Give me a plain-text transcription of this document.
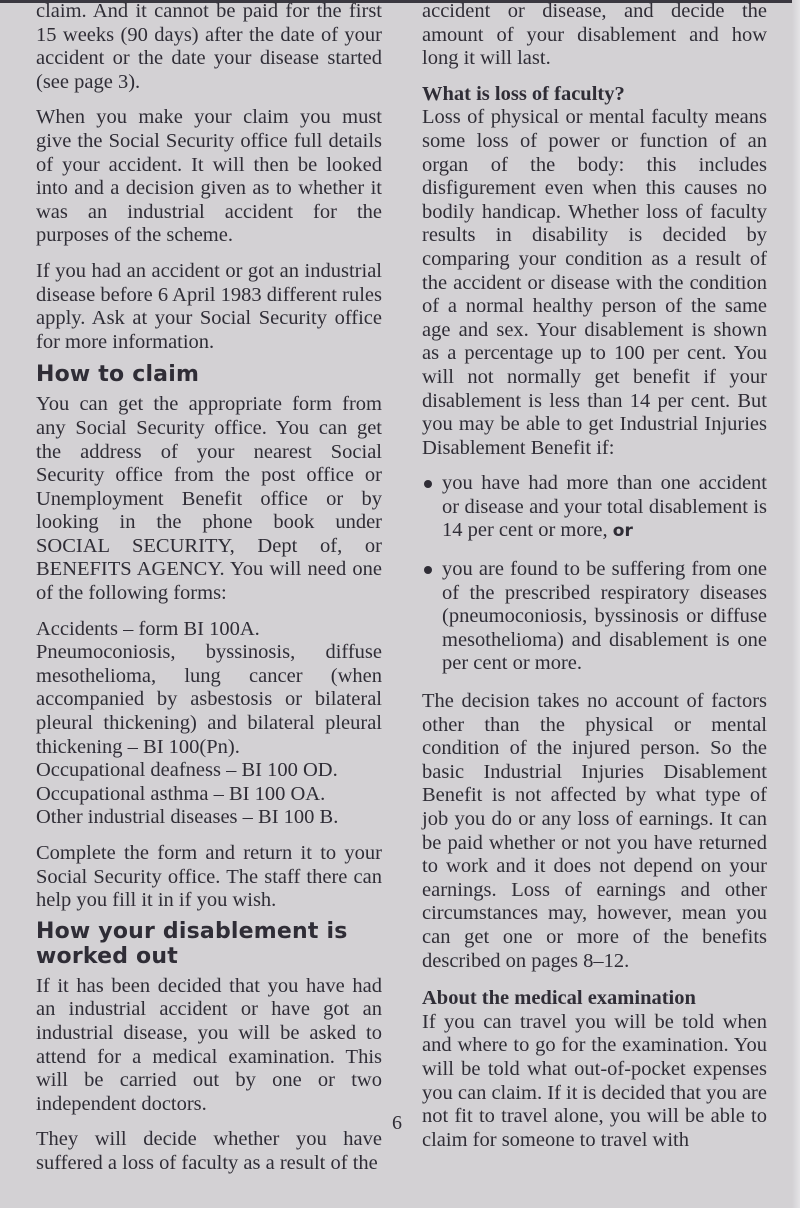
claim. And it cannot be paid for the first 15 weeks (90 days) after the date of your accident or the date your disease started (see page 3).

When you make your claim you must give the Social Security office full details of your accident. It will then be looked into and a decision given as to whether it was an industrial accident for the purposes of the scheme.

If you had an accident or got an industrial disease before 6 April 1983 different rules apply. Ask at your Social Security office for more information.

How to claim

You can get the appropriate form from any Social Security office. You can get the address of your nearest Social Security office from the post office or Unemployment Benefit office or by looking in the phone book under SOCIAL SECURITY, Dept of, or BENEFITS AGENCY. You will need one of the following forms:

Accidents – form BI 100A.

Pneumoconiosis, byssinosis, diffuse mesothelioma, lung cancer (when accompanied by asbestosis or bilateral pleural thickening) and bilateral pleural thickening – BI 100(Pn).

Occupational deafness – BI 100 OD.

Occupational asthma – BI 100 OA.

Other industrial diseases – BI 100 B.

Complete the form and return it to your Social Security office. The staff there can help you fill it in if you wish.

How your disablement is worked out

If it has been decided that you have had an industrial accident or have got an industrial disease, you will be asked to attend for a medical examination. This will be carried out by one or two independent doctors.

They will decide whether you have suffered a loss of faculty as a result of the

accident or disease, and decide the amount of your disablement and how long it will last.

What is loss of faculty?

Loss of physical or mental faculty means some loss of power or function of an organ of the body: this includes disfigurement even when this causes no bodily handicap. Whether loss of faculty results in disability is decided by comparing your condition as a result of the accident or disease with the condition of a normal healthy person of the same age and sex. Your disablement is shown as a percentage up to 100 per cent. You will not normally get benefit if your disablement is less than 14 per cent. But you may be able to get Industrial Injuries Disablement Benefit if:

you have had more than one accident or disease and your total disablement is 14 per cent or more, or
you are found to be suffering from one of the prescribed respiratory diseases (pneumoconiosis, byssinosis or diffuse mesothelioma) and disablement is one per cent or more.

The decision takes no account of factors other than the physical or mental condition of the injured person. So the basic Industrial Injuries Disablement Benefit is not affected by what type of job you do or any loss of earnings. It can be paid whether or not you have returned to work and it does not depend on your earnings. Loss of earnings and other circumstances may, however, mean you can get one or more of the benefits described on pages 8–12.

About the medical examination

If you can travel you will be told when and where to go for the examination. You will be told what out-of-pocket expenses you can claim. If it is decided that you are not fit to travel alone, you will be able to claim for someone to travel with

6
